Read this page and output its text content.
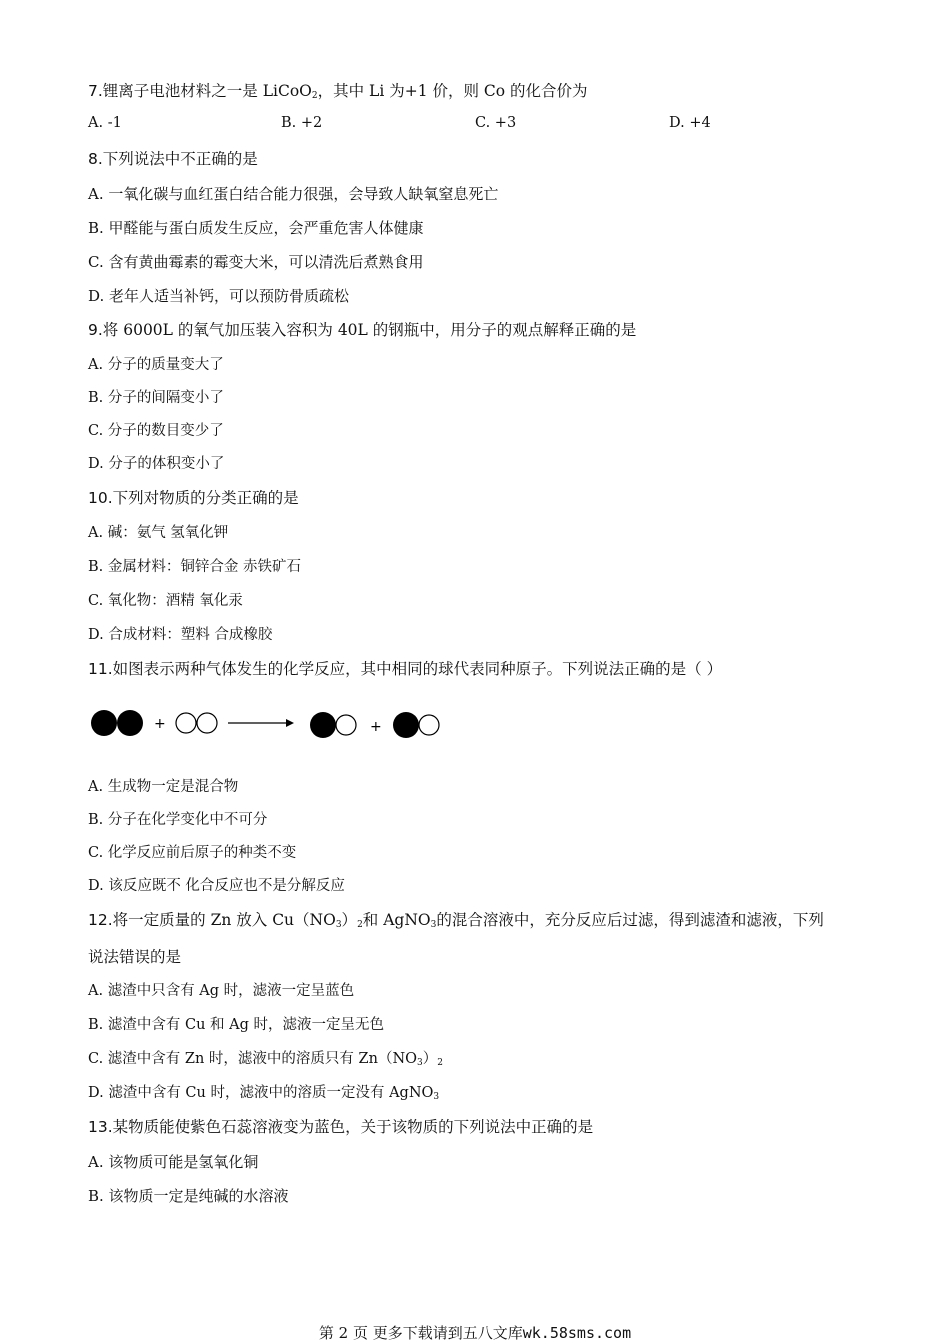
7.锂离子电池材料之一是 LiCoO$_2$，其中 Li 为+1 价，则 Co 的化合价为
A. -1	B. +2	C. +3	D. +4
8.下列说法中不正确的是
A. 一氧化碳与血红蛋白结合能力很强，会导致人缺氧窒息死亡
B. 甲醛能与蛋白质发生反应，会严重危害人体健康
C. 含有黄曲霉素的霉变大米，可以清洗后煮熟食用
D. 老年人适当补钙，可以预防骨质疏松
9.将 6000L 的氧气加压装入容积为 40L 的钢瓶中，用分子的观点解释正确的是
A. 分子的质量变大了
B. 分子的间隔变小了
C. 分子的数目变少了
D. 分子的体积变小了
10.下列对物质的分类正确的是
A. 碱：氨气 氢氧化钾
B. 金属材料：铜锌合金 赤铁矿石
C. 氧化物：酒精 氧化汞
D. 合成材料：塑料 合成橡胶
11.如图表示两种气体发生的化学反应，其中相同的球代表同种原子。下列说法正确的是（ ）
+	+
A. 生成物一定是混合物
B. 分子在化学变化中不可分
C. 化学反应前后原子的种类不变
D. 该反应既不 化合反应也不是分解反应
12.将一定质量的 Zn 放入 $Cu(NO_3)_2$和 AgNO$_3$的混合溶液中，充分反应后过滤，得到滤渣和滤液，下列
说法错误的是
A. 滤渣中只含有 Ag 时，滤液一定呈蓝色
B. 滤渣中含有 Cu 和 Ag 时，滤液一定呈无色
C. 滤渣中含有 Zn 时，滤液中的溶质只有 $Zn(NO_3)_2$
D. 滤渣中含有 Cu 时，滤液中的溶质一定没有 AgNO$_3$
13.某物质能使紫色石蕊溶液变为蓝色，关于该物质的下列说法中正确的是
A. 该物质可能是氢氧化铜
B. 该物质一定是纯碱的水溶液
第 2 页 更多下载请到五八文库wk.58sms.com
